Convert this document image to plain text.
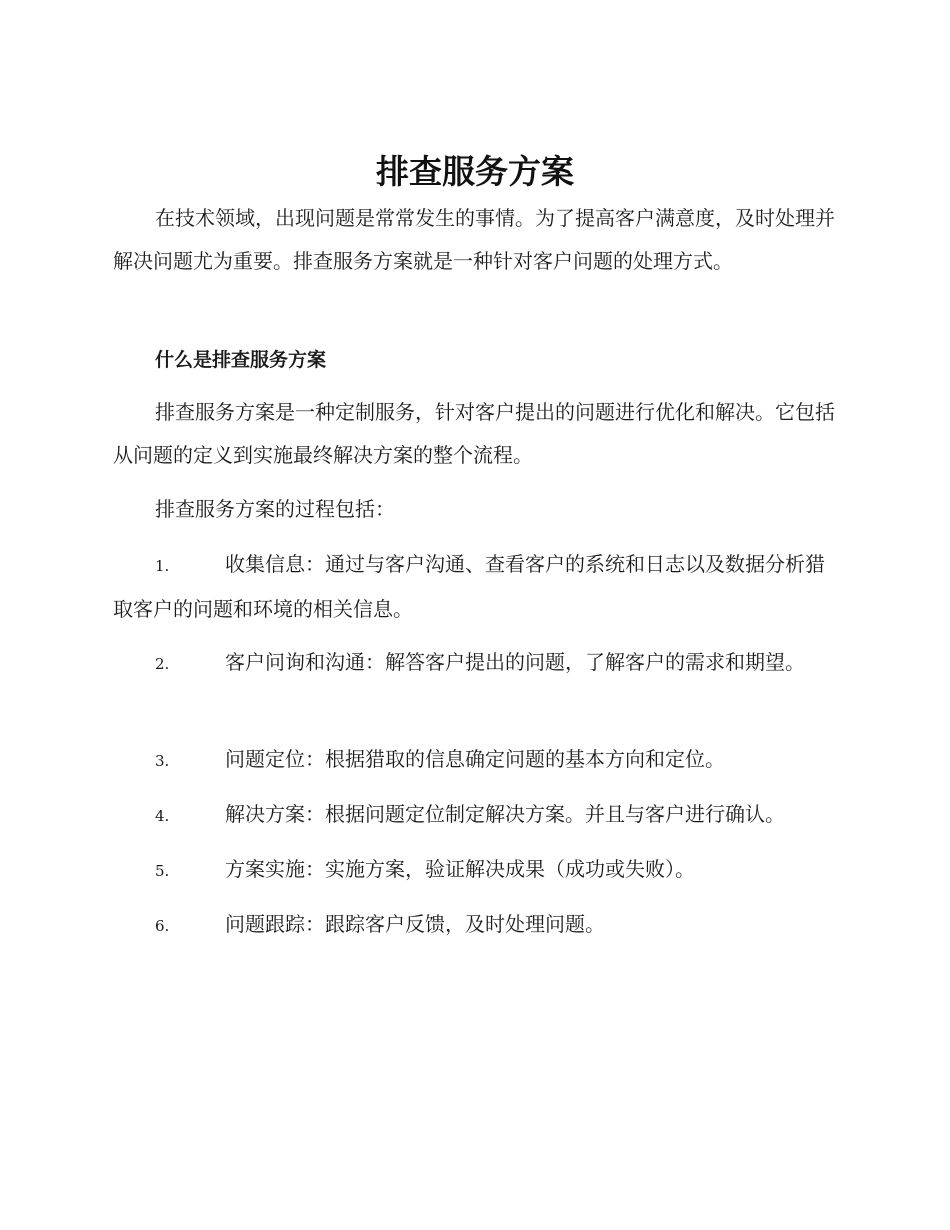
排查服务方案

在技术领域，出现问题是常常发生的事情。为了提高客户满意度，及时处理并解决问题尤为重要。排查服务方案就是一种针对客户问题的处理方式。

什么是排查服务方案

排查服务方案是一种定制服务，针对客户提出的问题进行优化和解决。它包括从问题的定义到实施最终解决方案的整个流程。

排查服务方案的过程包括：

1.	收集信息：通过与客户沟通、查看客户的系统和日志以及数据分析猎取客户的问题和环境的相关信息。

2.	客户问询和沟通：解答客户提出的问题，了解客户的需求和期望。

3.	问题定位：根据猎取的信息确定问题的基本方向和定位。

4.	解决方案：根据问题定位制定解决方案。并且与客户进行确认。

5.	方案实施：实施方案，验证解决成果（成功或失败）。

6.	问题跟踪：跟踪客户反馈，及时处理问题。
